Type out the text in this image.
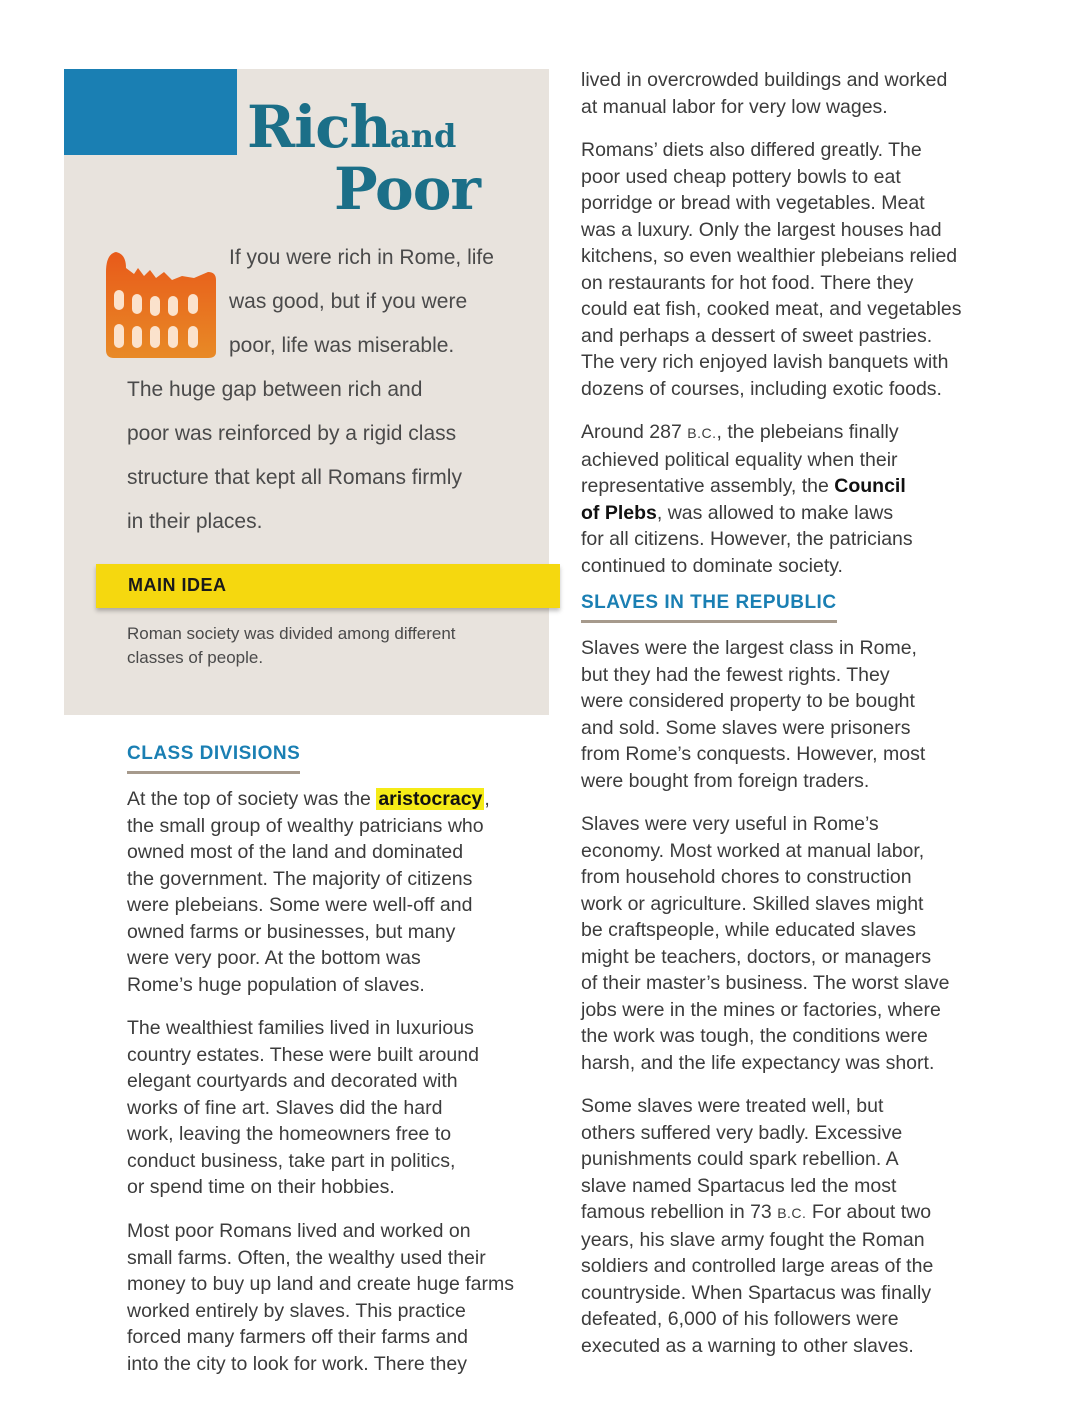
Rich and
Poor

If you were rich in Rome, life
was good, but if you were
poor, life was miserable.

The huge gap between rich and
poor was reinforced by a rigid class
structure that kept all Romans firmly
in their places.

MAIN IDEA

Roman society was divided among different
classes of people.

CLASS DIVISIONS

At the top of society was the aristocracy ,
the small group of wealthy patricians who
owned most of the land and dominated
the government. The majority of citizens
were plebeians. Some were well-off and
owned farms or businesses, but many
were very poor. At the bottom was
Rome’s huge population of slaves.

The wealthiest families lived in luxurious
country estates. These were built around
elegant courtyards and decorated with
works of fine art. Slaves did the hard
work, leaving the homeowners free to
conduct business, take part in politics,
or spend time on their hobbies.

Most poor Romans lived and worked on
small farms. Often, the wealthy used their
money to buy up land and create huge farms
worked entirely by slaves. This practice
forced many farmers off their farms and
into the city to look for work. There they

lived in overcrowded buildings and worked
at manual labor for very low wages.

Romans’ diets also differed greatly. The
poor used cheap pottery bowls to eat
porridge or bread with vegetables. Meat
was a luxury. Only the largest houses had
kitchens, so even wealthier plebeians relied
on restaurants for hot food. There they
could eat fish, cooked meat, and vegetables
and perhaps a dessert of sweet pastries.
The very rich enjoyed lavish banquets with
dozens of courses, including exotic foods.

Around 287 B.C., the plebeians finally
achieved political equality when their
representative assembly, the Council
of Plebs, was allowed to make laws
for all citizens. However, the patricians
continued to dominate society.

SLAVES IN THE REPUBLIC

Slaves were the largest class in Rome,
but they had the fewest rights. They
were considered property to be bought
and sold. Some slaves were prisoners
from Rome’s conquests. However, most
were bought from foreign traders.

Slaves were very useful in Rome’s
economy. Most worked at manual labor,
from household chores to construction
work or agriculture. Skilled slaves might
be craftspeople, while educated slaves
might be teachers, doctors, or managers
of their master’s business. The worst slave
jobs were in the mines or factories, where
the work was tough, the conditions were
harsh, and the life expectancy was short.

Some slaves were treated well, but
others suffered very badly. Excessive
punishments could spark rebellion. A
slave named Spartacus led the most
famous rebellion in 73 B.C. For about two
years, his slave army fought the Roman
soldiers and controlled large areas of the
countryside. When Spartacus was finally
defeated, 6,000 of his followers were
executed as a warning to other slaves.
